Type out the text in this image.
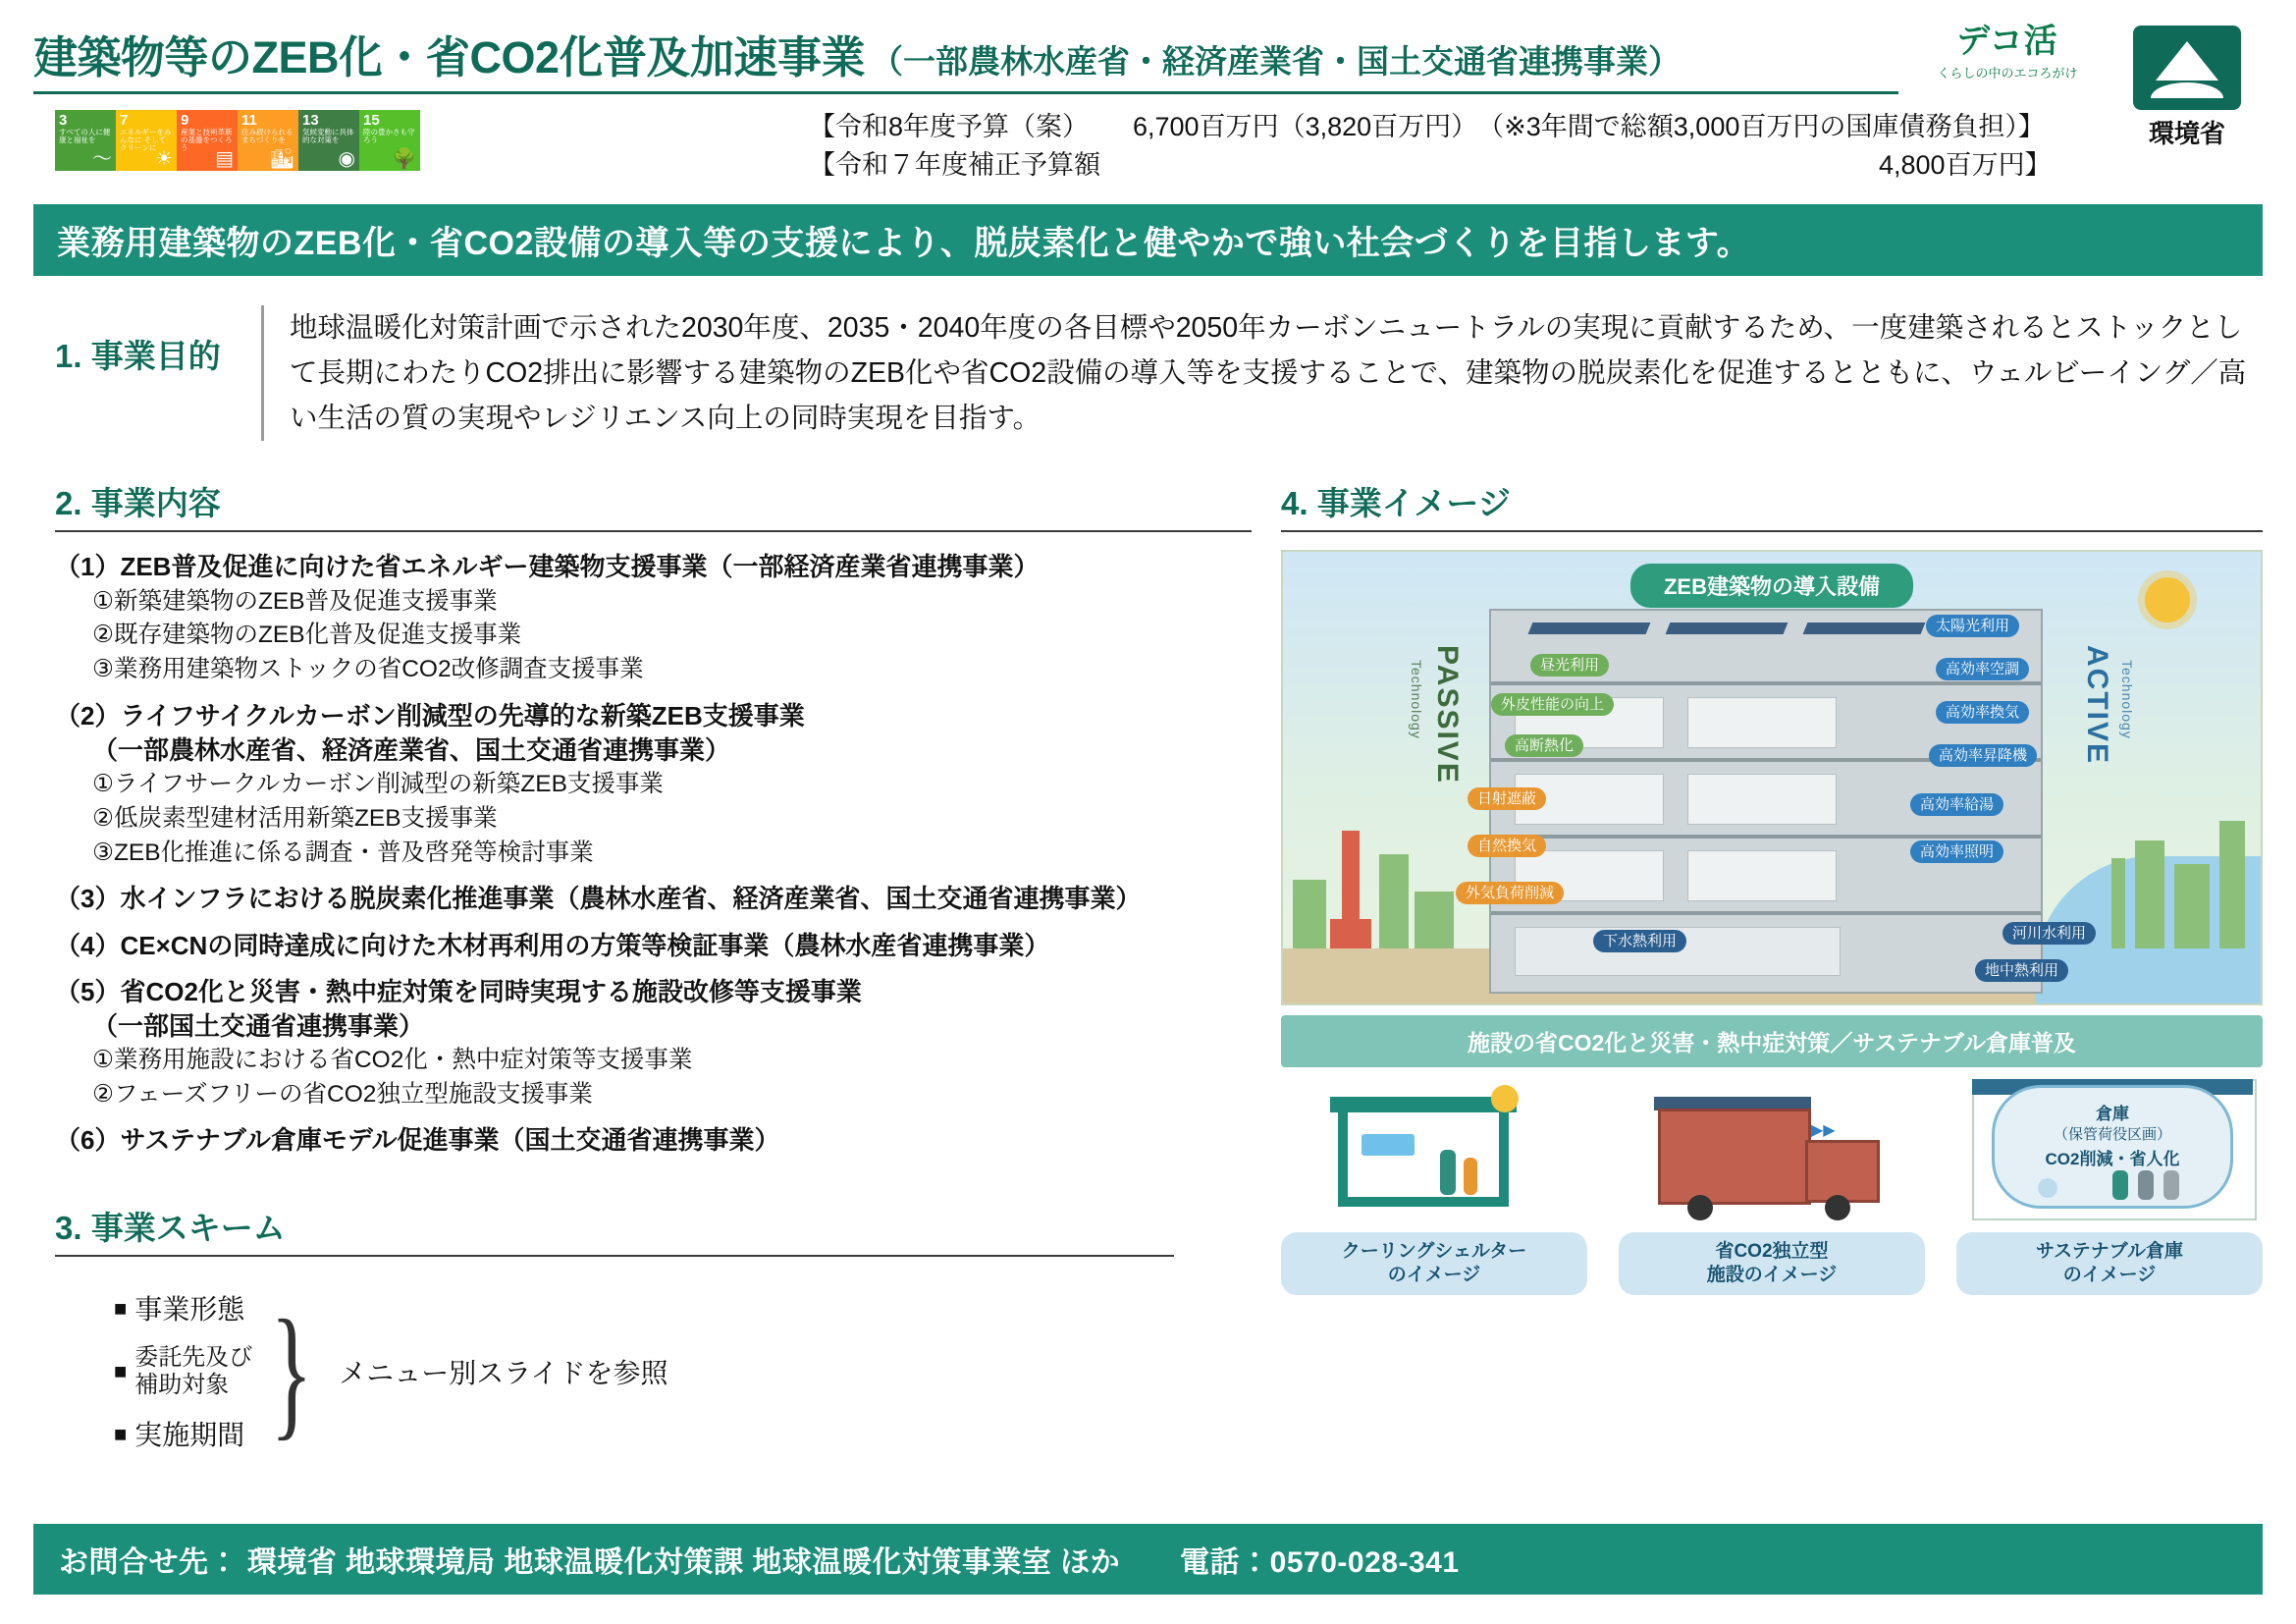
建築物等のZEB化・省CO2化普及加速事業 （一部農林水産省・経済産業省・国土交通省連携事業）
【令和8年度予算（案）	6,700百万円（3,820百万円） （※3年間で総額3,000百万円の国庫債務負担）】
【令和７年度補正予算額	4,800百万円】
3
すべての人に健康と福祉を
〜
7
エネルギーをみんなに そしてクリーンに
☀
9
産業と技術革新の基盤をつくろう
▤
11
住み続けられるまちづくりを
🏙
13
気候変動に具体的な対策を
◉
15
陸の豊かさも守ろう
🌳
デコ活
くらしの中のエコろがけ
環境省
業務用建築物のZEB化・省CO2設備の導入等の支援により、脱炭素化と健やかで強い社会づくりを目指します。
1. 事業目的
地球温暖化対策計画で示された2030年度、2035・2040年度の各目標や2050年カーボンニュートラルの実現に貢献するため、一度建築されるとストックとして長期にわたりCO2排出に影響する建築物のZEB化や省CO2設備の導入等を支援することで、建築物の脱炭素化を促進するとともに、ウェルビーイング／高い生活の質の実現やレジリエンス向上の同時実現を目指す。
2. 事業内容
（1）ZEB普及促進に向けた省エネルギー建築物支援事業（一部経済産業省連携事業）
①新築建築物のZEB普及促進支援事業
②既存建築物のZEB化普及促進支援事業
③業務用建築物ストックの省CO2改修調査支援事業
（2）ライフサイクルカーボン削減型の先導的な新築ZEB支援事業
（一部農林水産省、経済産業省、国土交通省連携事業）
①ライフサークルカーボン削減型の新築ZEB支援事業
②低炭素型建材活用新築ZEB支援事業
③ZEB化推進に係る調査・普及啓発等検討事業
（3）水インフラにおける脱炭素化推進事業（農林水産省、経済産業省、国土交通省連携事業）
（4）CE×CNの同時達成に向けた木材再利用の方策等検証事業（農林水産省連携事業）
（5）省CO2化と災害・熱中症対策を同時実現する施設改修等支援事業
（一部国土交通省連携事業）
①業務用施設における省CO2化・熱中症対策等支援事業
②フェーズフリーの省CO2独立型施設支援事業
（6）サステナブル倉庫モデル促進事業（国土交通省連携事業）
3. 事業スキーム
■ 事業形態
■
委託先及び
補助対象
■ 実施期間 } メニュー別スライドを参照
4. 事業イメージ
ZEB建築物の導入設備
PASSIVE
Technology	ACTIVE Technology
昼光利用
外皮性能の向上
高断熱化
日射遮蔽
自然換気
外気負荷削減
太陽光利用
高効率空調
高効率換気
高効率昇降機
高効率給湯
高効率照明
下水熱利用	河川水利用
地中熱利用
施設の省CO2化と災害・熱中症対策／サステナブル倉庫普及
クーリングシェルター
のイメージ
▶▶
省CO2独立型
施設のイメージ
倉庫
（保管荷役区画）
CO2削減・省人化
サステナブル倉庫
のイメージ
お問合せ先： 環境省 地球環境局 地球温暖化対策課 地球温暖化対策事業室 ほか　　電話：0570-028-341
